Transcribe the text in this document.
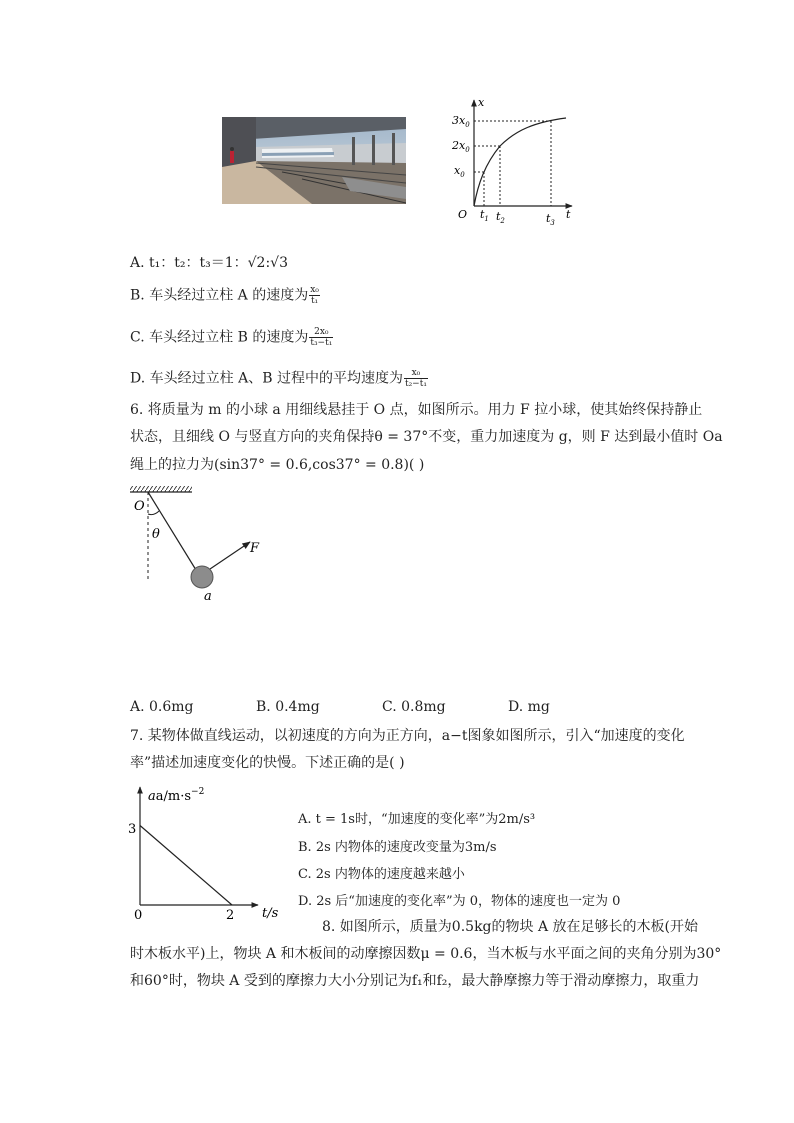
x
t
O
$3x_0$
$2x_0$
$x_0$
$t_1$ $t_2$	$t_3$
A. t₁：t₂：t₃＝1：√2:√3
B. 车头经过立柱 A 的速度为 $\frac{\text{x₀}}{\text{t₁}}$
C. 车头经过立柱 B 的速度为 $\frac{\text{2x₀}}{\text{t₃−t₁}}$
D. 车头经过立柱 A、B 过程中的平均速度为 $\frac{\text{x₀}}{\text{t₂−t₁}}$
6. 将质量为 m 的小球 a 用细线悬挂于 O 点，如图所示。用力 F 拉小球，使其始终保持静止
状态，且细线 O 与竖直方向的夹角保持θ = 37°不变，重力加速度为 g，则 F 达到最小值时 Oa
绳上的拉力为(sin37° = 0.6,cos37° = 0.8)( )
O
θ
F
a
A. 0.6mg	B. 0.4mg	C. 0.8mg	D. mg
7. 某物体做直线运动，以初速度的方向为正方向，a−t图象如图所示，引入“加速度的变化
率”描述加速度变化的快慢。下述正确的是( )
$aa/m\cdot s^{-2}$
t/s
0
3
2
A. t = 1s时，“加速度的变化率”为2m/s³
B. 2s 内物体的速度改变量为3m/s
C. 2s 内物体的速度越来越小
D. 2s 后“加速度的变化率”为 0，物体的速度也一定为 0
8. 如图所示，质量为0.5kg的物块 A 放在足够长的木板(开始
时木板水平)上，物块 A 和木板间的动摩擦因数μ = 0.6，当木板与水平面之间的夹角分别为30°
和60°时，物块 A 受到的摩擦力大小分别记为f₁和f₂，最大静摩擦力等于滑动摩擦力，取重力
